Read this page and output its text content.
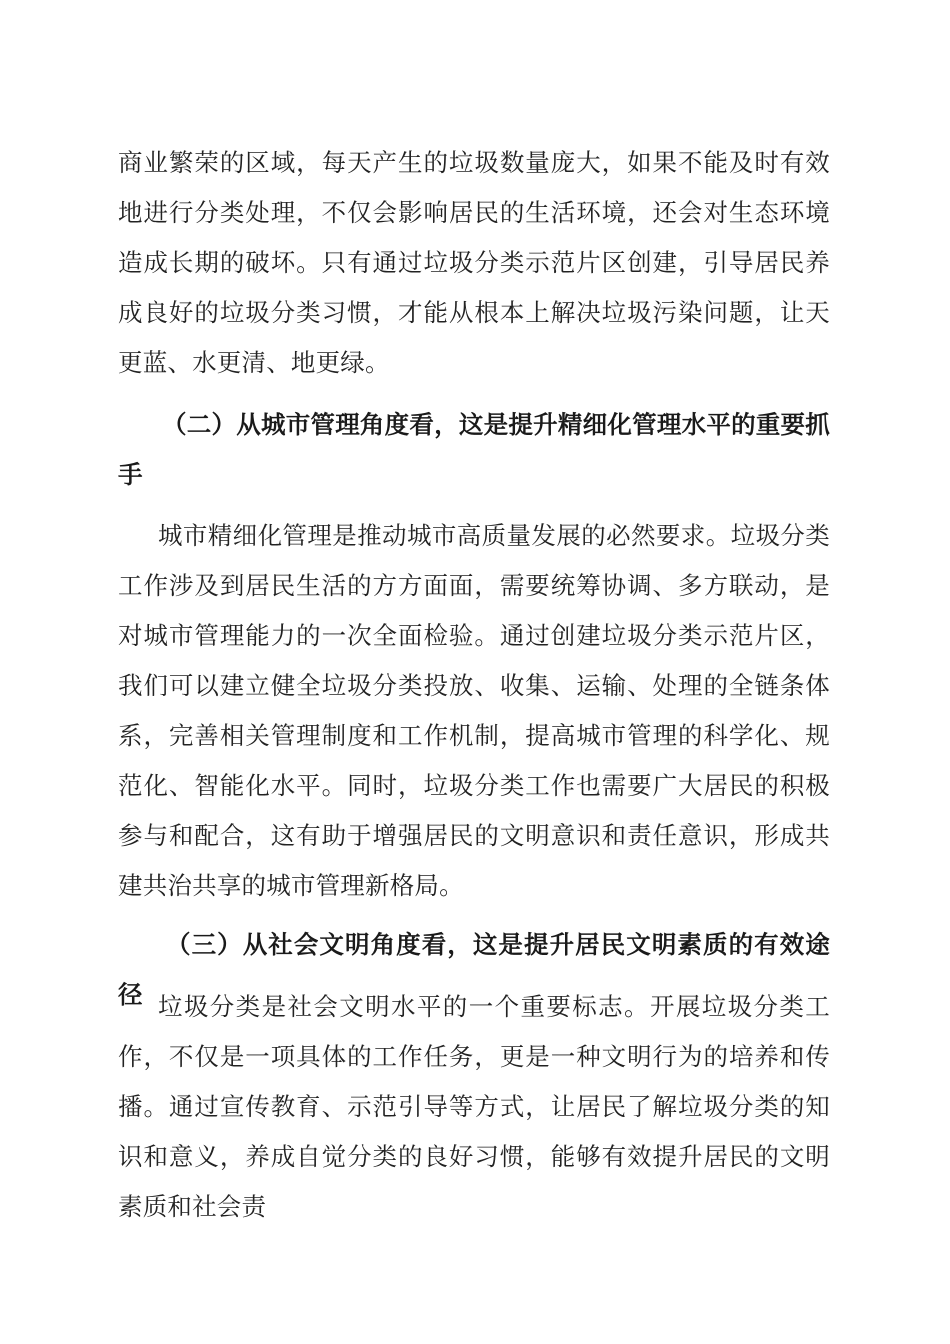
商业繁荣的区域，每天产生的垃圾数量庞大，如果不能及时有效地进行分类处理，不仅会影响居民的生活环境，还会对生态环境造成长期的破坏。只有通过垃圾分类示范片区创建，引导居民养成良好的垃圾分类习惯，才能从根本上解决垃圾污染问题，让天更蓝、水更清、地更绿。

（二）从城市管理角度看，这是提升精细化管理水平的重要抓手

城市精细化管理是推动城市高质量发展的必然要求。垃圾分类工作涉及到居民生活的方方面面，需要统筹协调、多方联动，是对城市管理能力的一次全面检验。通过创建垃圾分类示范片区，我们可以建立健全垃圾分类投放、收集、运输、处理的全链条体系，完善相关管理制度和工作机制，提高城市管理的科学化、规范化、智能化水平。同时，垃圾分类工作也需要广大居民的积极参与和配合，这有助于增强居民的文明意识和责任意识，形成共建共治共享的城市管理新格局。

（三）从社会文明角度看，这是提升居民文明素质的有效途径 垃圾分类是社会文明水平的一个重要标志。开展垃圾分类工作，不仅是一项具体的工作任务，更是一种文明行为的培养和传播。通过宣传教育、示范引导等方式，让居民了解垃圾分类的知识和意义，养成自觉分类的良好习惯，能够有效提升居民的文明素质和社会责
